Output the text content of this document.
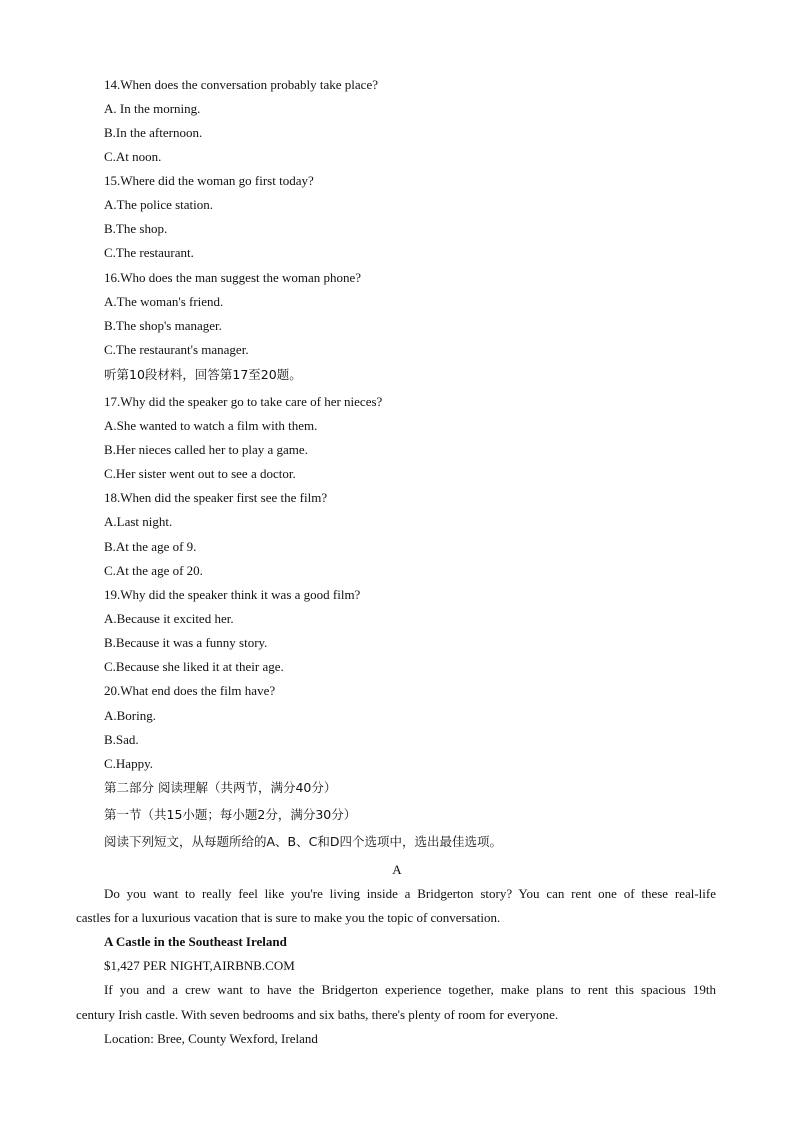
14.When does the conversation probably take place?
A. In the morning.
B.In the afternoon.
C.At noon.
15.Where did the woman go first today?
A.The police station.
B.The shop.
C.The restaurant.
16.Who does the man suggest the woman phone?
A.The woman's friend.
B.The shop's manager.
C.The restaurant's manager.
听第10段材料，回答第17至20题。
17.Why did the speaker go to take care of her nieces?
A.She wanted to watch a film with them.
B.Her nieces called her to play a game.
C.Her sister went out to see a doctor.
18.When did the speaker first see the film?
A.Last night.
B.At the age of 9.
C.At the age of 20.
19.Why did the speaker think it was a good film?
A.Because it excited her.
B.Because it was a funny story.
C.Because she liked it at their age.
20.What end does the film have?
A.Boring.
B.Sad.
C.Happy.
第二部分 阅读理解（共两节，满分40分）
第一节（共15小题；每小题2分，满分30分）
阅读下列短文，从每题所给的A、B、C和D四个选项中，选出最佳选项。
A
Do you want to really feel like you're living inside a Bridgerton story? You can rent one of these real-life
castles for a luxurious vacation that is sure to make you the topic of conversation.
A Castle in the Southeast Ireland
$1,427 PER NIGHT,AIRBNB.COM
If you and a crew want to have the Bridgerton experience together, make plans to rent this spacious 19th
century Irish castle. With seven bedrooms and six baths, there's plenty of room for everyone.
Location: Bree, County Wexford, Ireland
